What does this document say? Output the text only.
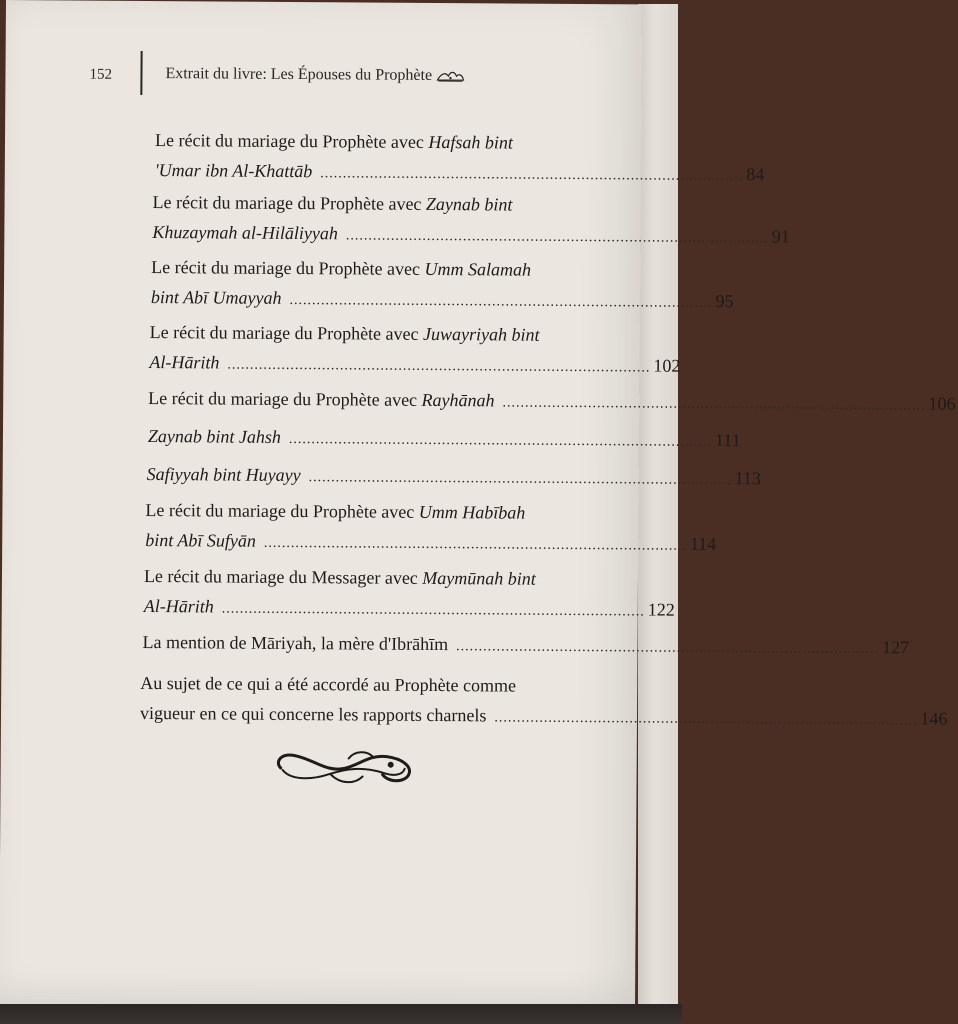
152	Extrait du livre: Les Épouses du Prophète
Le récit du mariage du Prophète avec
Hafsah bint
'Umar ibn Al-Khattāb .............................................................................................. 84
Le récit du mariage du Prophète avec
Zaynab bint
Khuzaymah al-Hilāliyyah .............................................................................................. 91
Le récit du mariage du Prophète avec
Umm Salamah
bint Abī Umayyah .............................................................................................. 95
Le récit du mariage du Prophète avec
Juwayriyah bint
Al-Hārith .............................................................................................. 102
Le récit du mariage du Prophète avec
Rayhānah .............................................................................................. 106
Zaynab bint Jahsh .............................................................................................. 111
Safiyyah bint Huyayy .............................................................................................. 113
Le récit du mariage du Prophète avec
Umm Habībah
bint Abī Sufyān .............................................................................................. 114
Le récit du mariage du Messager avec
Maymūnah bint
Al-Hārith .............................................................................................. 122
La mention de Māriyah, la mère d'Ibrāhīm .............................................................................................. 127
Au sujet de ce qui a été accordé au Prophète comme
vigueur en ce qui concerne les rapports charnels .............................................................................................. 146
